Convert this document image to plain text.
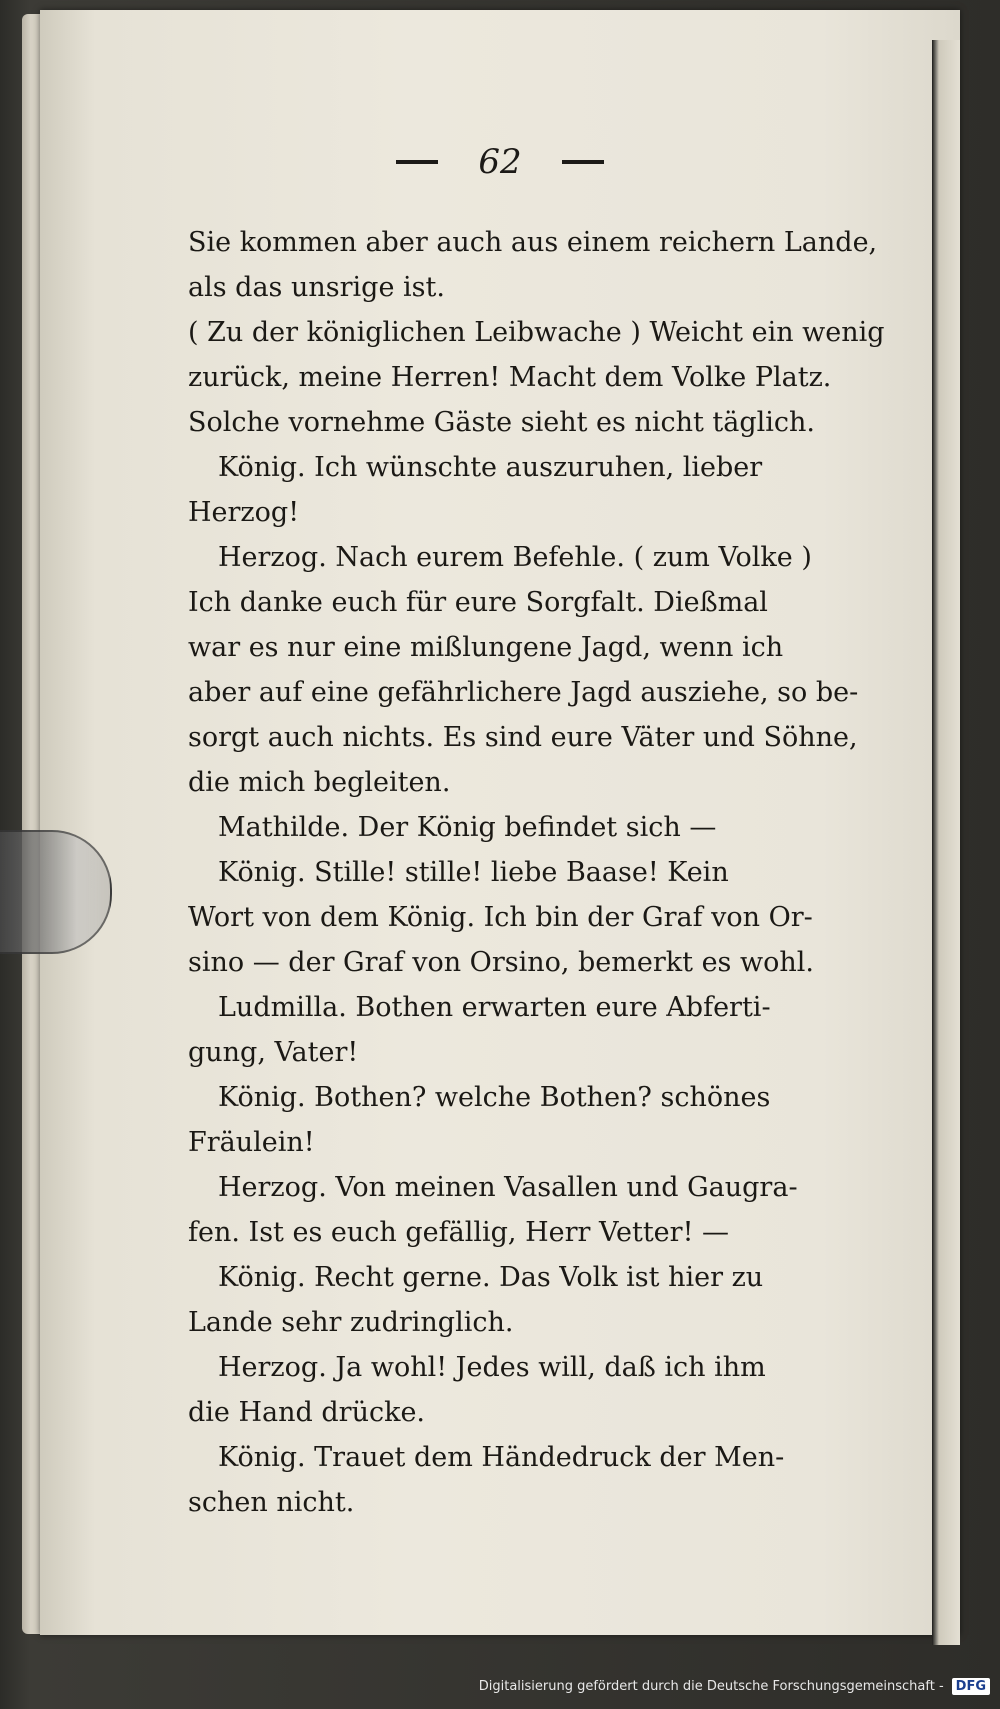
62
Sie kommen aber auch aus einem reichern Lande,
als das unsrige ist.
( Zu der königlichen Leibwache ) Weicht ein wenig
zurück, meine Herren! Macht dem Volke Platz.
Solche vornehme Gäste sieht es nicht täglich.
König. Ich wünschte auszuruhen, lieber
Herzog!
Herzog. Nach eurem Befehle. ( zum Volke )
Ich danke euch für eure Sorgfalt. Dießmal
war es nur eine mißlungene Jagd, wenn ich
aber auf eine gefährlichere Jagd ausziehe, so be-
sorgt auch nichts. Es sind eure Väter und Söhne,
die mich begleiten.
Mathilde. Der König befindet sich —
König. Stille! stille! liebe Baase! Kein
Wort von dem König. Ich bin der Graf von Or-
sino — der Graf von Orsino, bemerkt es wohl.
Ludmilla. Bothen erwarten eure Abferti-
gung, Vater!
König. Bothen? welche Bothen? schönes
Fräulein!
Herzog. Von meinen Vasallen und Gaugra-
fen. Ist es euch gefällig, Herr Vetter! —
König. Recht gerne. Das Volk ist hier zu
Lande sehr zudringlich.
Herzog. Ja wohl! Jedes will, daß ich ihm
die Hand drücke.
König. Trauet dem Händedruck der Men-
schen nicht.
Digitalisierung gefördert durch die Deutsche Forschungsgemeinschaft - DFG
